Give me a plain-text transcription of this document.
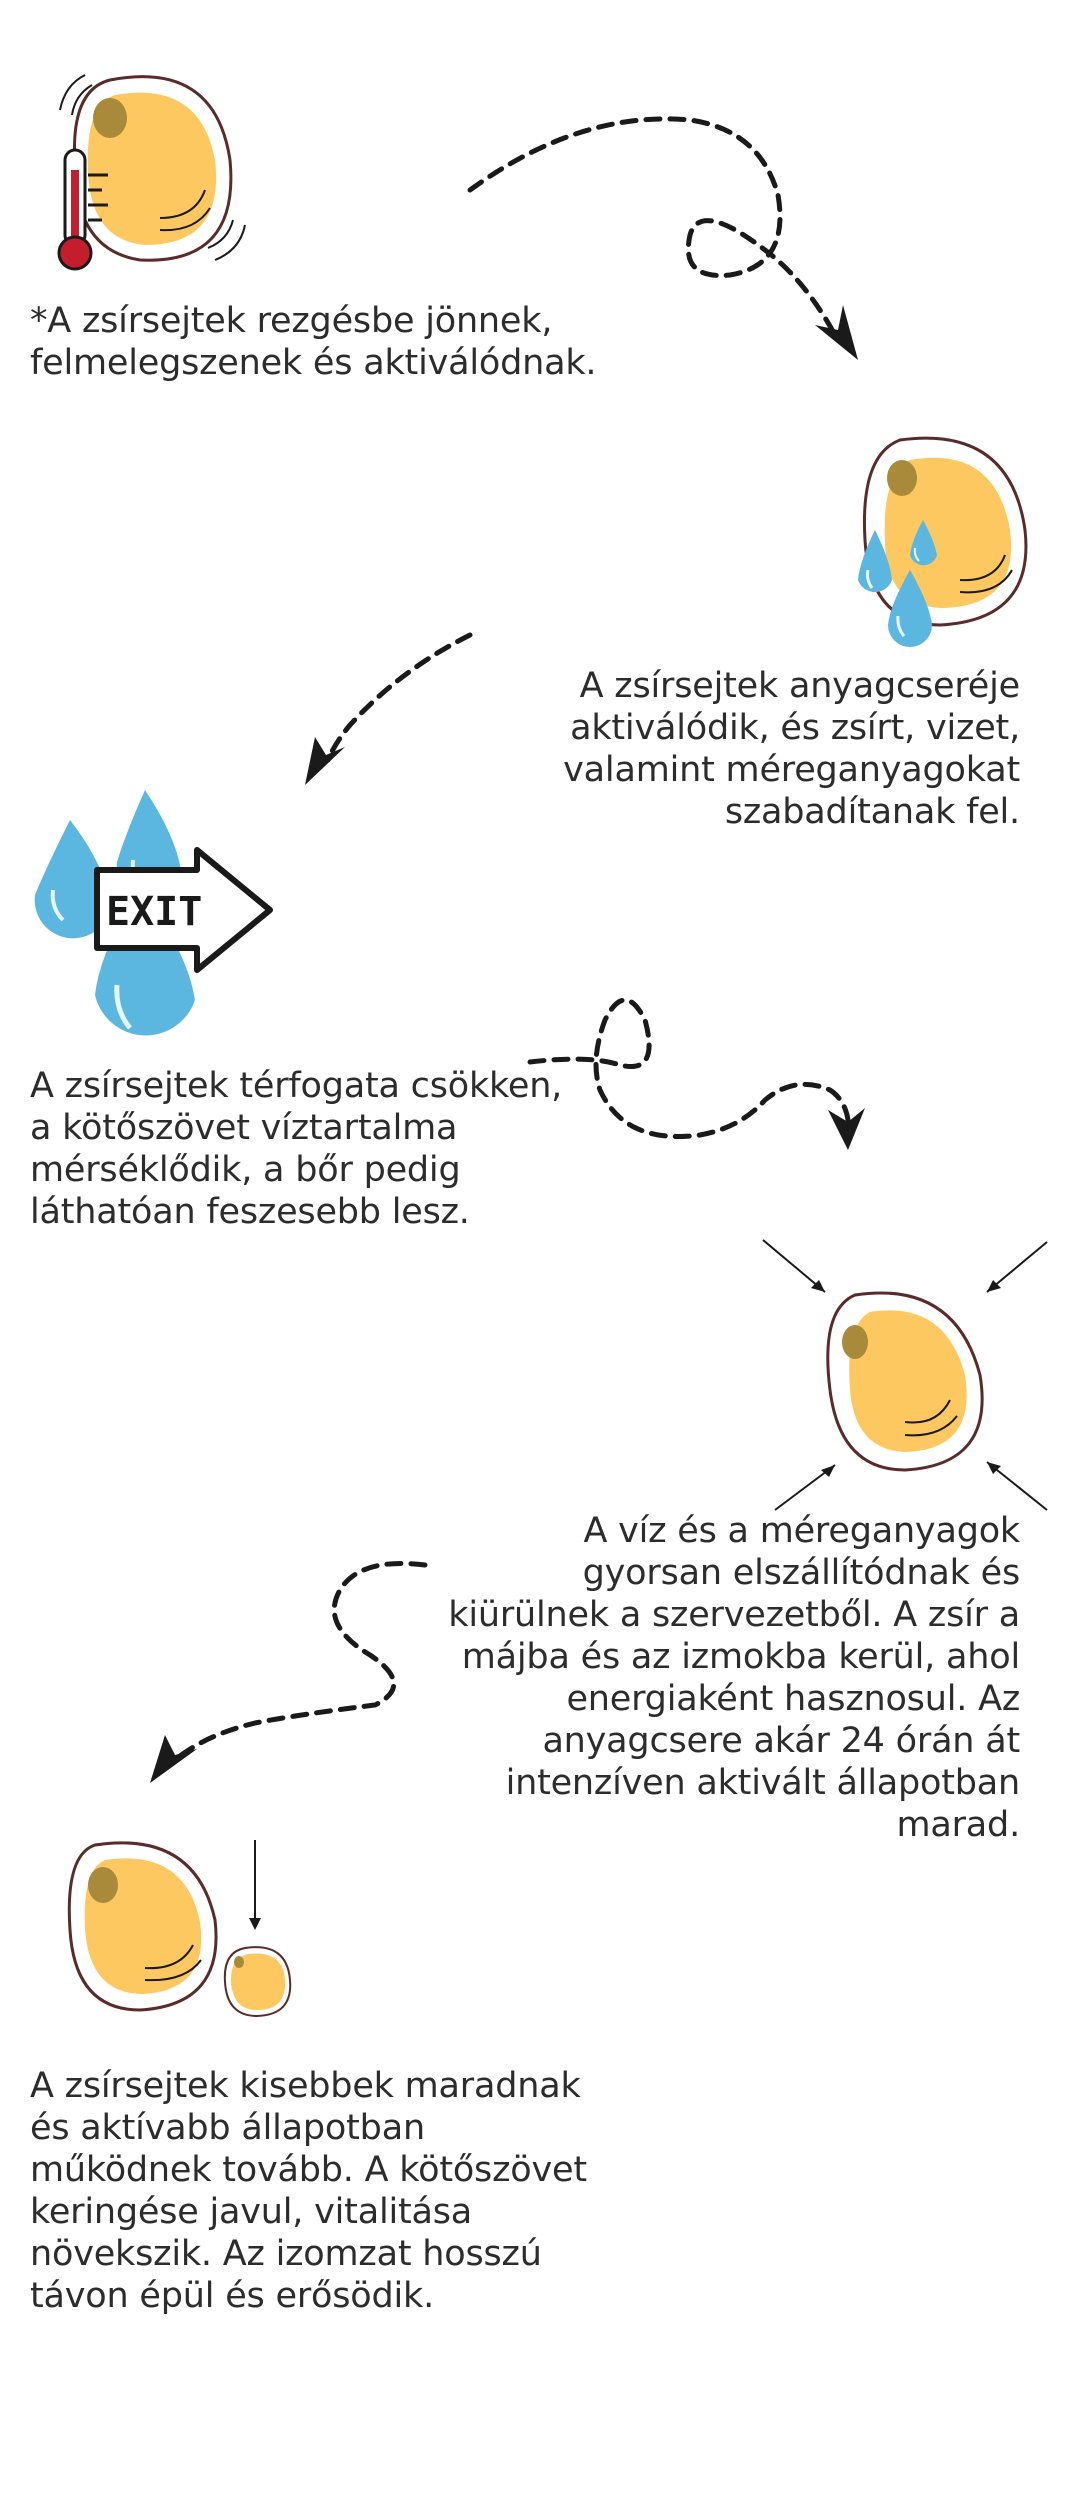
*A zsírsejtek rezgésbe jönnek,
felmelegszenek és aktiválódnak.

A zsírsejtek anyagcseréje
aktiválódik, és zsírt, vizet,
valamint méreganyagokat
szabadítanak fel.

EXIT

A zsírsejtek térfogata csökken,
a kötőszövet víztartalma
mérséklődik, a bőr pedig
láthatóan feszesebb lesz.

A víz és a méreganyagok
gyorsan elszállítódnak és
kiürülnek a szervezetből. A zsír a
májba és az izmokba kerül, ahol
energiaként hasznosul. Az
anyagcsere akár 24 órán át
intenzíven aktivált állapotban
marad.

A zsírsejtek kisebbek maradnak
és aktívabb állapotban
működnek tovább. A kötőszövet
keringése javul, vitalitása
növekszik. Az izomzat hosszú
távon épül és erősödik.
